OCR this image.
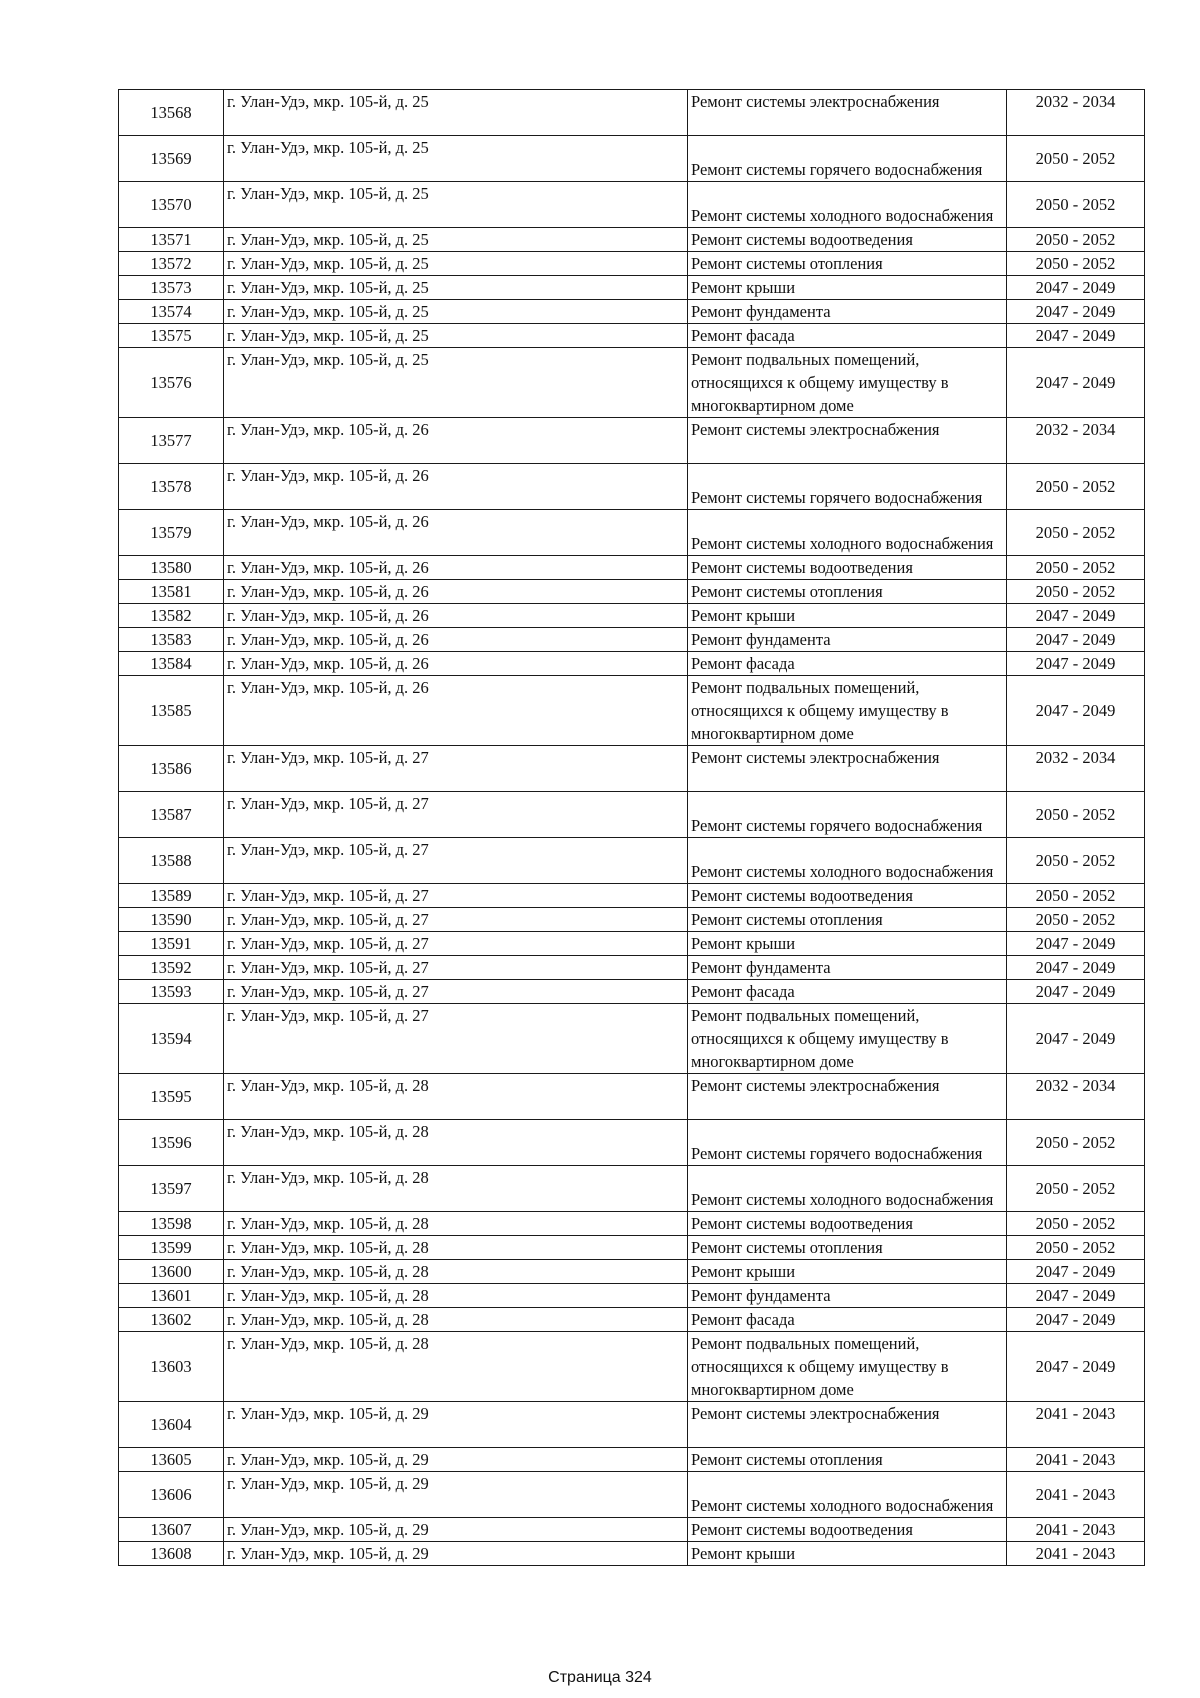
13568	г. Улан-Удэ, мкр. 105-й, д. 25	Ремонт системы электроснабжения	2032 - 2034
13569	г. Улан-Удэ, мкр. 105-й, д. 25	Ремонт системы горячего водоснабжения	2050 - 2052
13570	г. Улан-Удэ, мкр. 105-й, д. 25	Ремонт системы холодного водоснабжения	2050 - 2052
13571	г. Улан-Удэ, мкр. 105-й, д. 25	Ремонт системы водоотведения	2050 - 2052
13572	г. Улан-Удэ, мкр. 105-й, д. 25	Ремонт системы отопления	2050 - 2052
13573	г. Улан-Удэ, мкр. 105-й, д. 25	Ремонт крыши	2047 - 2049
13574	г. Улан-Удэ, мкр. 105-й, д. 25	Ремонт фундамента	2047 - 2049
13575	г. Улан-Удэ, мкр. 105-й, д. 25	Ремонт фасада	2047 - 2049
13576	г. Улан-Удэ, мкр. 105-й, д. 25	Ремонт подвальных помещений, относящихся к общему имуществу в многоквартирном доме	2047 - 2049
13577	г. Улан-Удэ, мкр. 105-й, д. 26	Ремонт системы электроснабжения	2032 - 2034
13578	г. Улан-Удэ, мкр. 105-й, д. 26	Ремонт системы горячего водоснабжения	2050 - 2052
13579	г. Улан-Удэ, мкр. 105-й, д. 26	Ремонт системы холодного водоснабжения	2050 - 2052
13580	г. Улан-Удэ, мкр. 105-й, д. 26	Ремонт системы водоотведения	2050 - 2052
13581	г. Улан-Удэ, мкр. 105-й, д. 26	Ремонт системы отопления	2050 - 2052
13582	г. Улан-Удэ, мкр. 105-й, д. 26	Ремонт крыши	2047 - 2049
13583	г. Улан-Удэ, мкр. 105-й, д. 26	Ремонт фундамента	2047 - 2049
13584	г. Улан-Удэ, мкр. 105-й, д. 26	Ремонт фасада	2047 - 2049
13585	г. Улан-Удэ, мкр. 105-й, д. 26	Ремонт подвальных помещений, относящихся к общему имуществу в многоквартирном доме	2047 - 2049
13586	г. Улан-Удэ, мкр. 105-й, д. 27	Ремонт системы электроснабжения	2032 - 2034
13587	г. Улан-Удэ, мкр. 105-й, д. 27	Ремонт системы горячего водоснабжения	2050 - 2052
13588	г. Улан-Удэ, мкр. 105-й, д. 27	Ремонт системы холодного водоснабжения	2050 - 2052
13589	г. Улан-Удэ, мкр. 105-й, д. 27	Ремонт системы водоотведения	2050 - 2052
13590	г. Улан-Удэ, мкр. 105-й, д. 27	Ремонт системы отопления	2050 - 2052
13591	г. Улан-Удэ, мкр. 105-й, д. 27	Ремонт крыши	2047 - 2049
13592	г. Улан-Удэ, мкр. 105-й, д. 27	Ремонт фундамента	2047 - 2049
13593	г. Улан-Удэ, мкр. 105-й, д. 27	Ремонт фасада	2047 - 2049
13594	г. Улан-Удэ, мкр. 105-й, д. 27	Ремонт подвальных помещений, относящихся к общему имуществу в многоквартирном доме	2047 - 2049
13595	г. Улан-Удэ, мкр. 105-й, д. 28	Ремонт системы электроснабжения	2032 - 2034
13596	г. Улан-Удэ, мкр. 105-й, д. 28	Ремонт системы горячего водоснабжения	2050 - 2052
13597	г. Улан-Удэ, мкр. 105-й, д. 28	Ремонт системы холодного водоснабжения	2050 - 2052
13598	г. Улан-Удэ, мкр. 105-й, д. 28	Ремонт системы водоотведения	2050 - 2052
13599	г. Улан-Удэ, мкр. 105-й, д. 28	Ремонт системы отопления	2050 - 2052
13600	г. Улан-Удэ, мкр. 105-й, д. 28	Ремонт крыши	2047 - 2049
13601	г. Улан-Удэ, мкр. 105-й, д. 28	Ремонт фундамента	2047 - 2049
13602	г. Улан-Удэ, мкр. 105-й, д. 28	Ремонт фасада	2047 - 2049
13603	г. Улан-Удэ, мкр. 105-й, д. 28	Ремонт подвальных помещений, относящихся к общему имуществу в многоквартирном доме	2047 - 2049
13604	г. Улан-Удэ, мкр. 105-й, д. 29	Ремонт системы электроснабжения	2041 - 2043
13605	г. Улан-Удэ, мкр. 105-й, д. 29	Ремонт системы отопления	2041 - 2043
13606	г. Улан-Удэ, мкр. 105-й, д. 29	Ремонт системы холодного водоснабжения	2041 - 2043
13607	г. Улан-Удэ, мкр. 105-й, д. 29	Ремонт системы водоотведения	2041 - 2043
13608	г. Улан-Удэ, мкр. 105-й, д. 29	Ремонт крыши	2041 - 2043
Страница 324
